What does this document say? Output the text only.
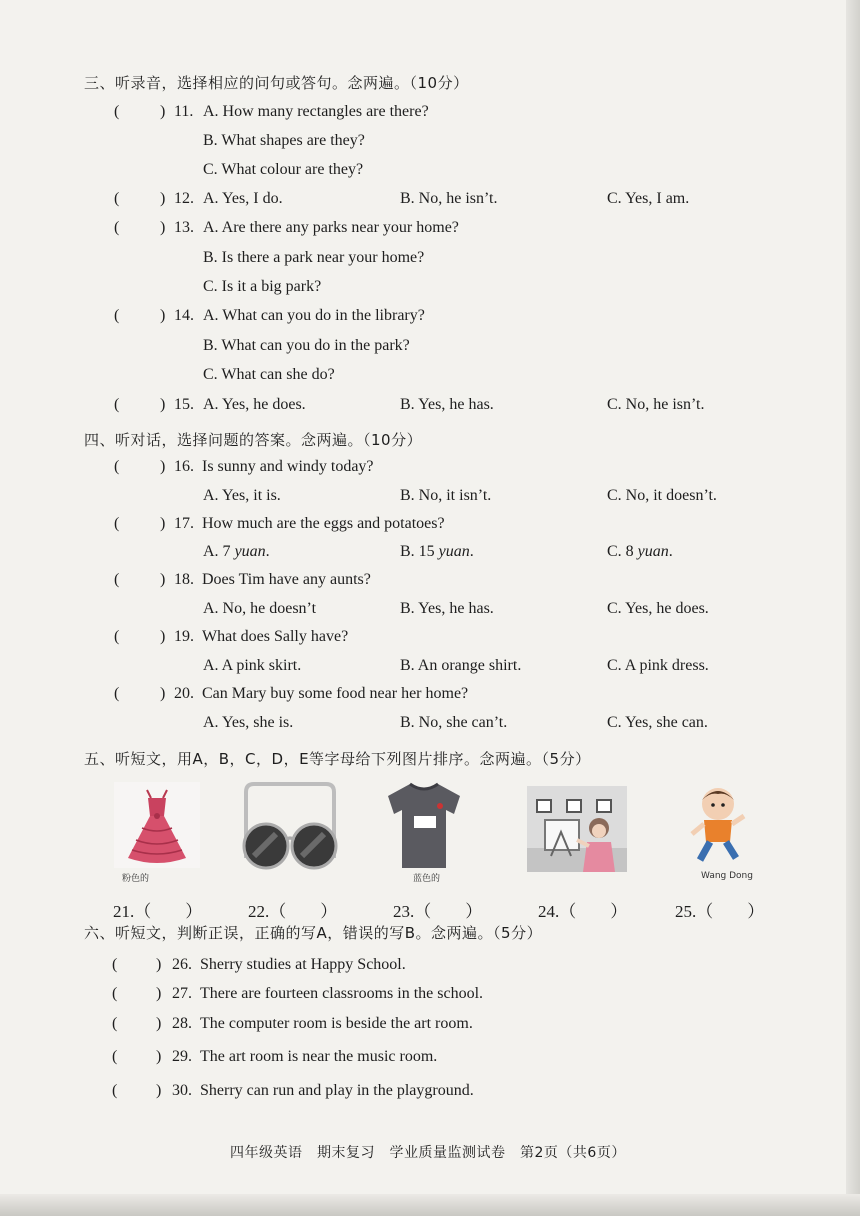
三、听录音，选择相应的问句或答句。念两遍。（10分）
(	) 11. A. How many rectangles are there?
B. What shapes are they?
C. What colour are they?
(	) 12. A. Yes, I do.	B. No, he isn’t.	C. Yes, I am.
(	) 13. A. Are there any parks near your home?
B. Is there a park near your home?
C. Is it a big park?
(	) 14. A. What can you do in the library?
B. What can you do in the park?
C. What can she do?
(	) 15. A. Yes, he does.	B. Yes, he has.	C. No, he isn’t.
四、听对话，选择问题的答案。念两遍。（10分）
(	) 16. Is sunny and windy today?
A. Yes, it is.	B. No, it isn’t.	C. No, it doesn’t.
(	) 17. How much are the eggs and potatoes?
A. 7 yuan.	B. 15 yuan.	C. 8 yuan.
(	) 18. Does Tim have any aunts?
A. No, he doesn’t	B. Yes, he has.	C. Yes, he does.
(	) 19. What does Sally have?
A. A pink skirt.	B. An orange shirt.	C. A pink dress.
(	) 20. Can Mary buy some food near her home?
A. Yes, she is.	B. No, she can’t.	C. Yes, she can.
五、听短文，用A，B，C，D，E等字母给下列图片排序。念两遍。（5分）
粉色的	蓝色的	Wang Dong
21.（　　）	22.（　　）	23.（　　）	24.（　　）	25.（　　）
六、听短文，判断正误，正确的写A，错误的写B。念两遍。（5分）
( ) 26. Sherry studies at Happy School.
( ) 27. There are fourteen classrooms in the school.
( ) 28. The computer room is beside the art room.
( ) 29. The art room is near the music room.
( ) 30. Sherry can run and play in the playground.
四年级英语　期末复习　学业质量监测试卷　第2页（共6页）
